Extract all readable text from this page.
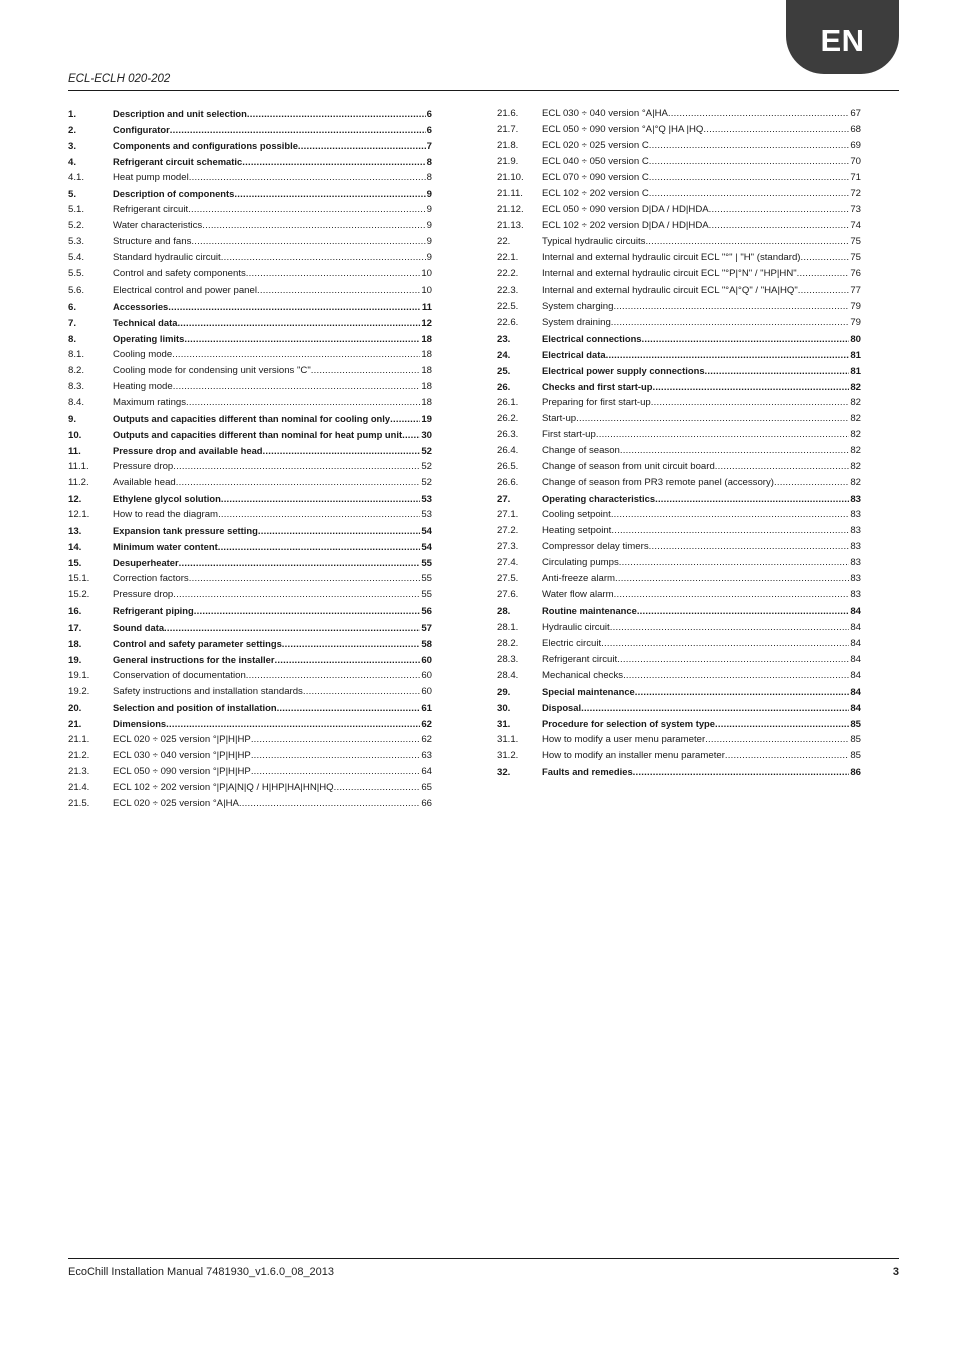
EN
ECL-ECLH 020-202
1.	Description and unit selection .....	6
2.	Configurator .....	6
3.	Components and configurations possible .....	7
4.	Refrigerant circuit schematic .....	8
4.1.	Heat pump model .....	8
5.	Description of components .....	9
5.1.	Refrigerant circuit .....	9
5.2.	Water characteristics .....	9
5.3.	Structure and fans .....	9
5.4.	Standard hydraulic circuit .....	9
5.5.	Control and safety components .....	10
5.6.	Electrical control and power panel .....	10
6.	Accessories .....	11
7.	Technical data .....	12
8.	Operating limits .....	18
8.1.	Cooling mode .....	18
8.2.	Cooling mode for condensing unit versions "C" .....	18
8.3.	Heating mode .....	18
8.4.	Maximum ratings .....	18
9.	Outputs and capacities different than nominal for cooling only .....	19
10.	Outputs and capacities different than nominal for heat pump unit ..... 30
11.	Pressure drop and available head .....	52
11.1.	Pressure drop .....	52
11.2.	Available head .....	52
12.	Ethylene glycol solution .....	53
12.1.	How to read the diagram .....	53
13.	Expansion tank pressure setting .....	54
14.	Minimum water content .....	54
15.	Desuperheater .....	55
15.1.	Correction factors .....	55
15.2.	Pressure drop .....	55
16.	Refrigerant piping .....	56
17.	Sound data .....	57
18.	Control and safety parameter settings .....	58
19.	General instructions for the installer .....	60
19.1.	Conservation of documentation .....	60
19.2.	Safety instructions and installation standards .....	60
20.	Selection and position of installation .....	61
21.	Dimensions .....	62
21.1.	ECL 020 ÷ 025 version °|P|H|HP .....	62
21.2.	ECL 030 ÷ 040 version °|P|H|HP .....	63
21.3.	ECL 050 ÷ 090 version °|P|H|HP .....	64
21.4.	ECL 102 ÷ 202 version °|P|A|N|Q / H|HP|HA|HN|HQ .....	65
21.5.	ECL 020 ÷ 025 version °A|HA .....	66
21.6.	ECL 030 ÷ 040 version °A|HA .....	67
21.7.	ECL 050 ÷ 090 version °A|°Q |HA |HQ .....	68
21.8.	ECL 020 ÷ 025 version C .....	69
21.9.	ECL 040 ÷ 050 version C .....	70
21.10.	ECL 070 ÷ 090 version C .....	71
21.11.	ECL 102 ÷ 202 version C .....	72
21.12.	ECL 050 ÷ 090 version D|DA / HD|HDA .....	73
21.13.	ECL 102 ÷ 202 version D|DA / HD|HDA .....	74
22.	Typical hydraulic circuits .....	75
22.1.	Internal and external hydraulic circuit ECL "°" | "H" (standard) .....	75
22.2.	Internal and external hydraulic circuit ECL "°P|°N" / "HP|HN" .....	76
22.3.	Internal and external hydraulic circuit ECL "°A|°Q" / "HA|HQ" .....	77
22.5.	System charging .....	79
22.6.	System draining .....	79
23.	Electrical connections .....	80
24.	Electrical data .....	81
25.	Electrical power supply connections .....	81
26.	Checks and first start-up .....	82
26.1.	Preparing for first start-up .....	82
26.2.	Start-up .....	82
26.3.	First start-up .....	82
26.4.	Change of season .....	82
26.5.	Change of season from unit circuit board .....	82
26.6.	Change of season from PR3 remote panel (accessory) .....	82
27.	Operating characteristics .....	83
27.1.	Cooling setpoint .....	83
27.2.	Heating setpoint .....	83
27.3.	Compressor delay timers .....	83
27.4.	Circulating pumps .....	83
27.5.	Anti-freeze alarm .....	83
27.6.	Water flow alarm .....	83
28.	Routine maintenance .....	84
28.1.	Hydraulic circuit .....	84
28.2.	Electric circuit .....	84
28.3.	Refrigerant circuit .....	84
28.4.	Mechanical checks .....	84
29.	Special maintenance .....	84
30.	Disposal .....	84
31.	Procedure for selection of system type .....	85
31.1.	How to modify a user menu parameter .....	85
31.2.	How to modify an installer menu parameter .....	85
32.	Faults and remedies .....	86
EcoChill Installation Manual 7481930_v1.6.0_08_2013	3
